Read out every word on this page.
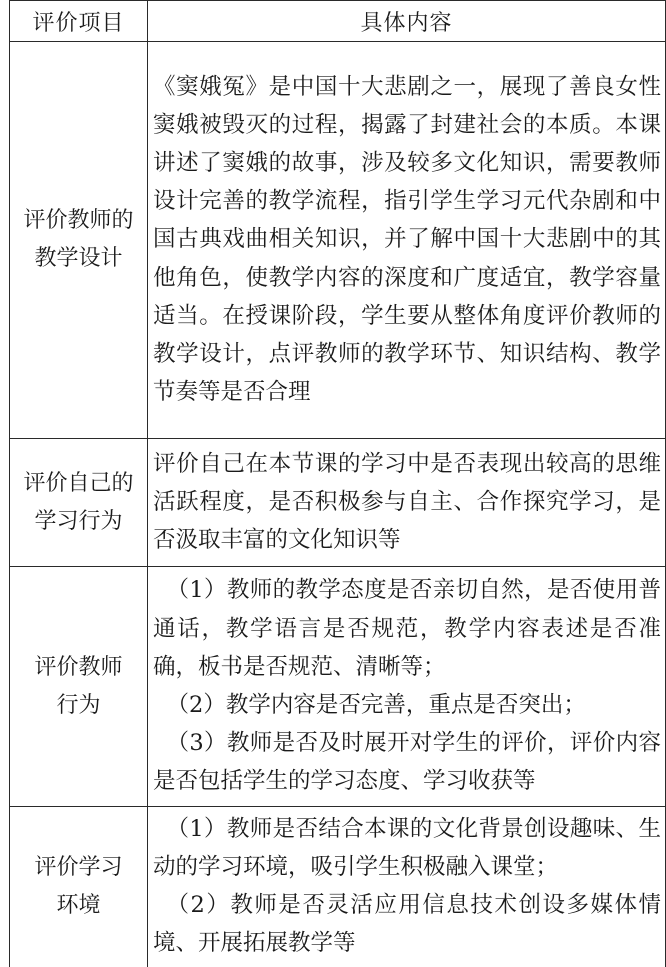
评价项目	具体内容

评价教师的
教学设计	《窦娥冤》是中国十大悲剧之一，展现了善良女性窦娥被毁灭的过程，揭露了封建社会的本质。本课讲述了窦娥的故事，涉及较多文化知识，需要教师设计完善的教学流程，指引学生学习元代杂剧和中国古典戏曲相关知识，并了解中国十大悲剧中的其他角色，使教学内容的深度和广度适宜，教学容量适当。在授课阶段，学生要从整体角度评价教师的教学设计，点评教师的教学环节、知识结构、教学节奏等是否合理

评价自己的
学习行为	评价自己在本节课的学习中是否表现出较高的思维活跃程度，是否积极参与自主、合作探究学习，是否汲取丰富的文化知识等

评价教师
行为	（1）教师的教学态度是否亲切自然，是否使用普通话，教学语言是否规范，教学内容表述是否准确，板书是否规范、清晰等；
（2）教学内容是否完善，重点是否突出；
（3）教师是否及时展开对学生的评价，评价内容是否包括学生的学习态度、学习收获等

评价学习
环境	（1）教师是否结合本课的文化背景创设趣味、生动的学习环境，吸引学生积极融入课堂；
（2）教师是否灵活应用信息技术创设多媒体情境、开展拓展教学等
